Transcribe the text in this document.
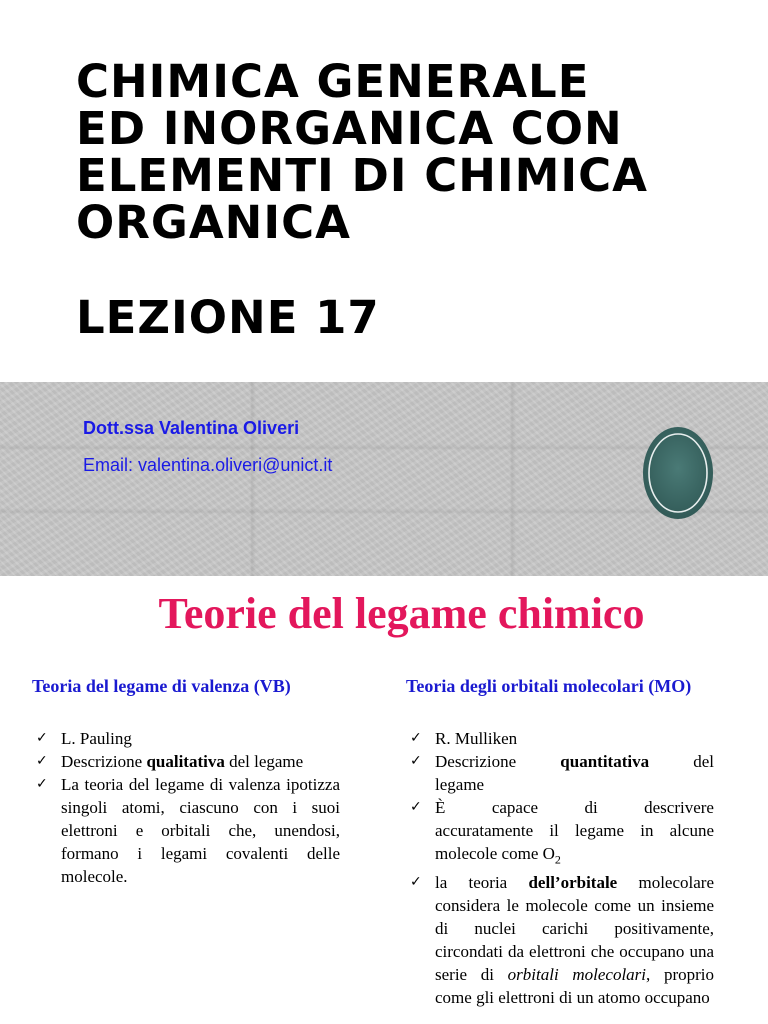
CHIMICA GENERALE
ED INORGANICA CON
ELEMENTI DI CHIMICA
ORGANICA
LEZIONE 17

Dott.ssa Valentina Oliveri

Email: valentina.oliveri@unict.it

Teorie del legame chimico
Teoria del legame di valenza (VB)	Teoria degli orbitali molecolari (MO)
✓ L. Pauling
✓ Descrizione qualitativa del legame
✓ La teoria del legame di valenza ipotizza singoli atomi, ciascuno con i suoi elettroni e orbitali che, unendosi, formano i legami covalenti delle molecole.
✓ R. Mulliken
✓ Descrizione	quantitativa	del
legame
✓ È	capace	di	descrivere
accuratamente il legame in alcune molecole come $O_2$
✓ la teoria dell’orbitale molecolare considera le molecole come un insieme di nuclei carichi positivamente, circondati da elettroni che occupano una serie di orbitali molecolari, proprio come gli elettroni di un atomo occupano
